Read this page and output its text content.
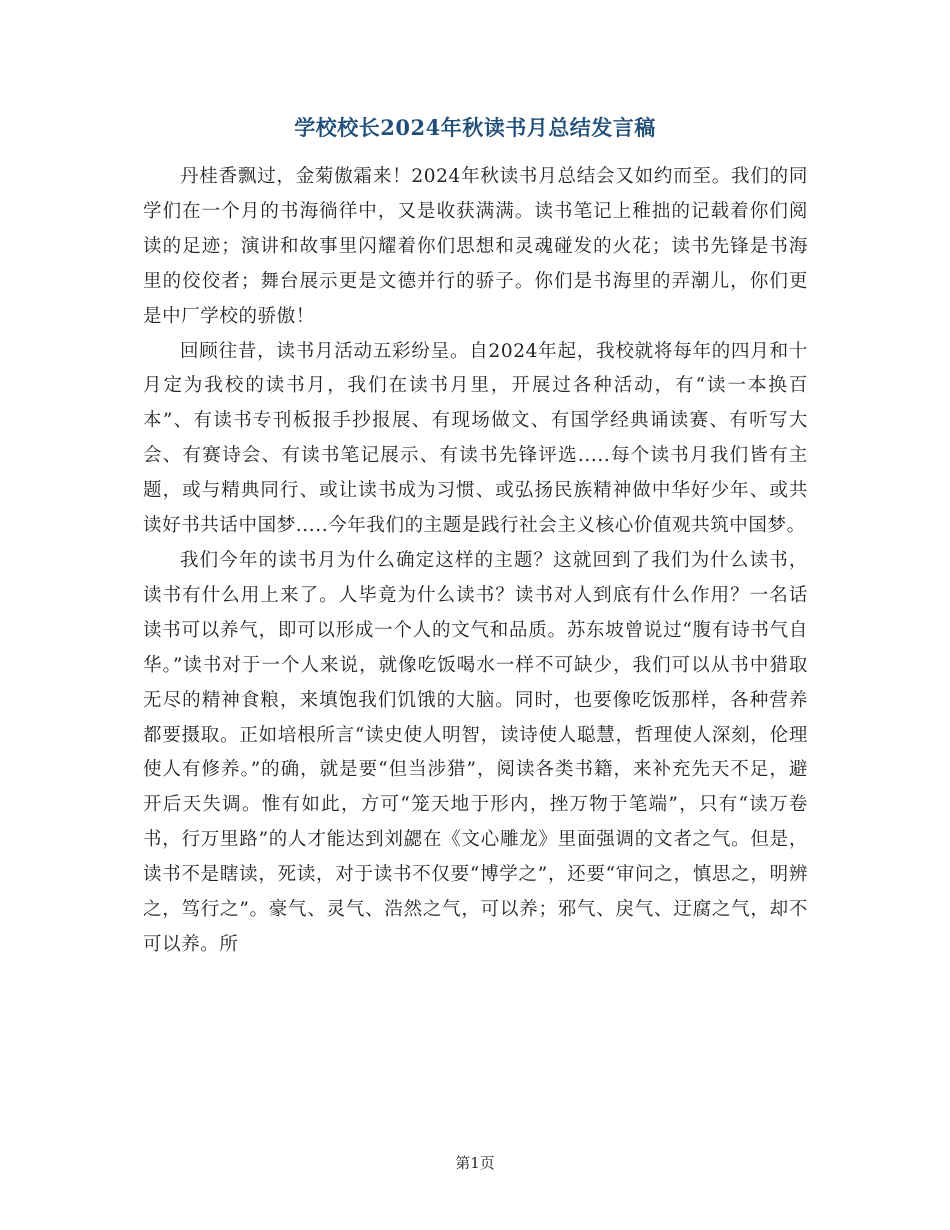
学校校长2024年秋读书月总结发言稿

丹桂香飘过，金菊傲霜来！2024年秋读书月总结会又如约而至。我们的同学们在一个月的书海徜徉中，又是收获满满。读书笔记上稚拙的记载着你们阅读的足迹；演讲和故事里闪耀着你们思想和灵魂碰发的火花；读书先锋是书海里的佼佼者；舞台展示更是文德并行的骄子。你们是书海里的弄潮儿，你们更是中厂学校的骄傲！

回顾往昔，读书月活动五彩纷呈。自2024年起，我校就将每年的四月和十月定为我校的读书月，我们在读书月里，开展过各种活动，有“读一本换百本”、有读书专刊板报手抄报展、有现场做文、有国学经典诵读赛、有听写大会、有赛诗会、有读书笔记展示、有读书先锋评选.....每个读书月我们皆有主题，或与精典同行、或让读书成为习惯、或弘扬民族精神做中华好少年、或共读好书共话中国梦.....今年我们的主题是践行社会主义核心价值观共筑中国梦。

我们今年的读书月为什么确定这样的主题？这就回到了我们为什么读书，读书有什么用上来了。人毕竟为什么读书？读书对人到底有什么作用？一名话读书可以养气，即可以形成一个人的文气和品质。苏东坡曾说过“腹有诗书气自华。”读书对于一个人来说，就像吃饭喝水一样不可缺少，我们可以从书中猎取无尽的精神食粮，来填饱我们饥饿的大脑。同时，也要像吃饭那样，各种营养都要摄取。正如培根所言“读史使人明智，读诗使人聪慧，哲理使人深刻，伦理使人有修养。”的确，就是要“但当涉猎”，阅读各类书籍，来补充先天不足，避开后天失调。惟有如此，方可“笼天地于形内，挫万物于笔端”，只有“读万卷书，行万里路”的人才能达到刘勰在《文心雕龙》里面强调的文者之气。但是，读书不是瞎读，死读，对于读书不仅要“博学之”，还要“审问之，慎思之，明辨之，笃行之”。豪气、灵气、浩然之气，可以养；邪气、戾气、迂腐之气，却不可以养。所

第1页
